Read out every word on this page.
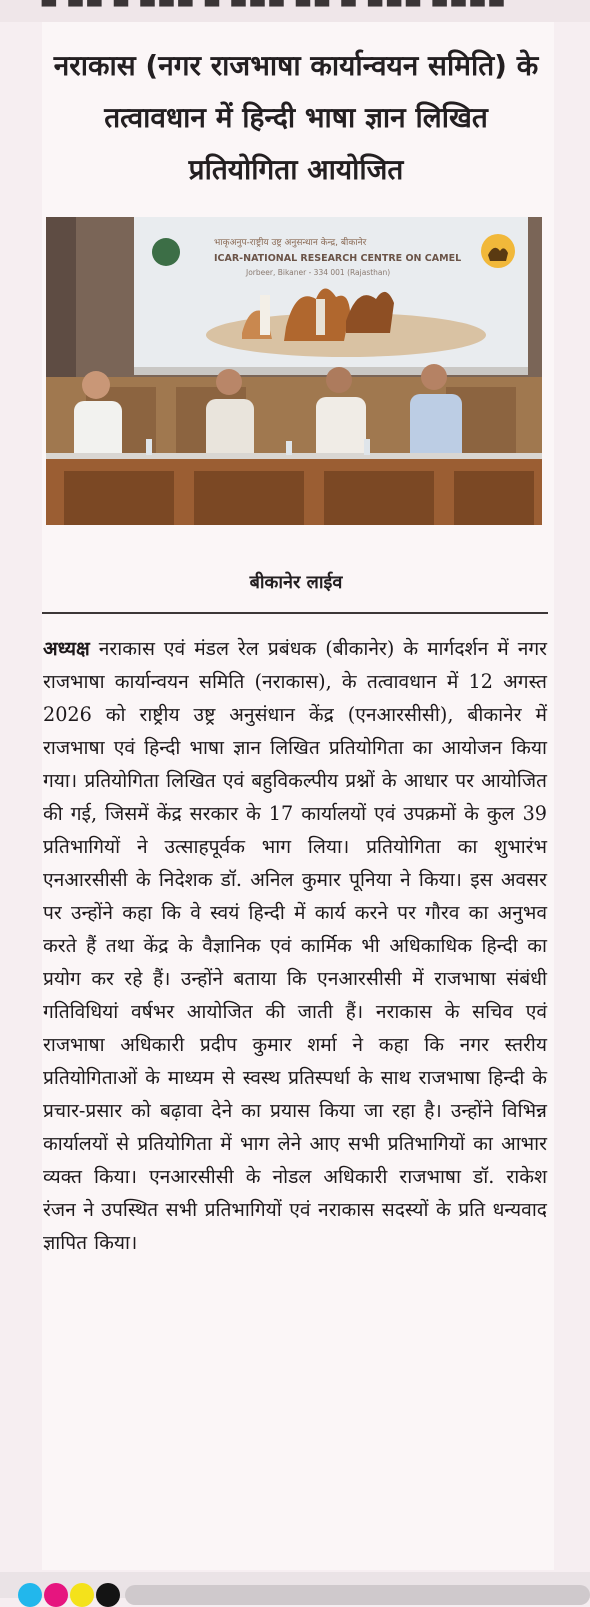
▬ ▬▬ ▬ ▬▬▬ ▬ ▬▬▬ ▬▬ ▬ ▬▬▬ ▬▬▬▬
नराकास (नगर राजभाषा कार्यान्वयन समिति) के तत्वावधान में हिन्दी भाषा ज्ञान लिखित प्रतियोगिता आयोजित
भाकृअनुप-राष्ट्रीय उष्ट्र अनुसन्धान केन्द्र, बीकानेर
ICAR-NATIONAL RESEARCH CENTRE ON CAMEL
Jorbeer, Bikaner - 334 001 (Rajasthan)
बीकानेर लाईव
अध्यक्ष नराकास एवं मंडल रेल प्रबंधक (बीकानेर) के मार्गदर्शन में नगर राजभाषा कार्यान्वयन समिति (नराकास), के तत्वावधान में 12 अगस्त 2026 को राष्ट्रीय उष्ट्र अनुसंधान केंद्र (एनआरसीसी), बीकानेर में राजभाषा एवं हिन्दी भाषा ज्ञान लिखित प्रतियोगिता का आयोजन किया गया। प्रतियोगिता लिखित एवं बहुविकल्पीय प्रश्नों के आधार पर आयोजित की गई, जिसमें केंद्र सरकार के 17 कार्यालयों एवं उपक्रमों के कुल 39 प्रतिभागियों ने उत्साहपूर्वक भाग लिया। प्रतियोगिता का शुभारंभ एनआरसीसी के निदेशक डॉ. अनिल कुमार पूनिया ने किया। इस अवसर पर उन्होंने कहा कि वे स्वयं हिन्दी में कार्य करने पर गौरव का अनुभव करते हैं तथा केंद्र के वैज्ञानिक एवं कार्मिक भी अधिकाधिक हिन्दी का प्रयोग कर रहे हैं। उन्होंने बताया कि एनआरसीसी में राजभाषा संबंधी गतिविधियां वर्षभर आयोजित की जाती हैं। नराकास के सचिव एवं राजभाषा अधिकारी प्रदीप कुमार शर्मा ने कहा कि नगर स्तरीय प्रतियोगिताओं के माध्यम से स्वस्थ प्रतिस्पर्धा के साथ राजभाषा हिन्दी के प्रचार-प्रसार को बढ़ावा देने का प्रयास किया जा रहा है। उन्होंने विभिन्न कार्यालयों से प्रतियोगिता में भाग लेने आए सभी प्रतिभागियों का आभार व्यक्त किया। एनआरसीसी के नोडल अधिकारी राजभाषा डॉ. राकेश रंजन ने उपस्थित सभी प्रतिभागियों एवं नराकास सदस्यों के प्रति धन्यवाद ज्ञापित किया।
